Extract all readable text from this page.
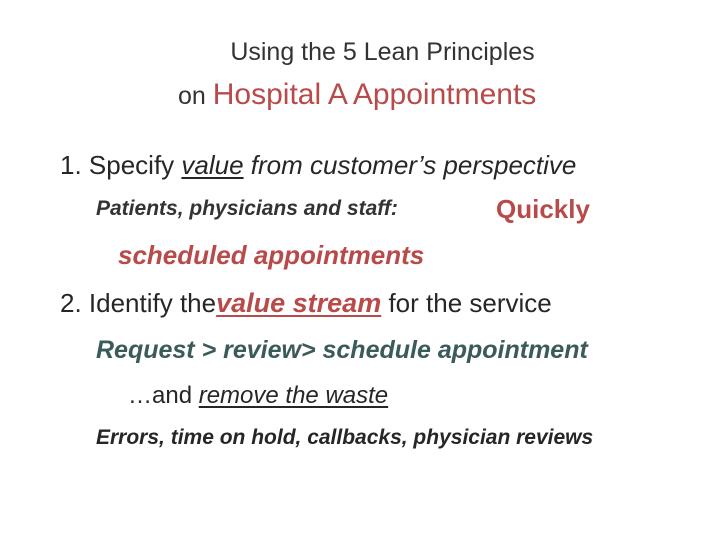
Using the 5 Lean Principles
on Hospital A Appointments
1. Specify value from customer’s perspective
Patients, physicians and staff:	Quickly
scheduled appointments
2. Identify thevalue stream for the service
Request > review> schedule appointment
…and remove the waste
Errors, time on hold, callbacks, physician reviews
